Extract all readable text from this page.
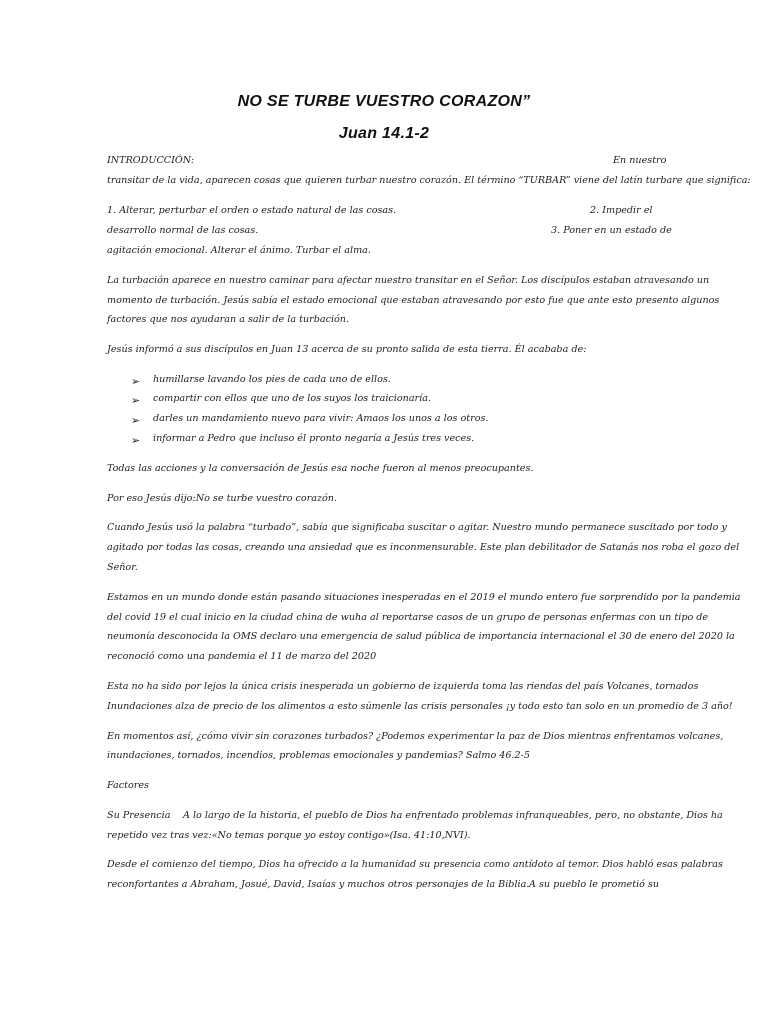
NO SE TURBE VUESTRO CORAZON”
Juan 14.1-2
INTRODUCCIÓN:	En nuestro
transitar de la vida, aparecen cosas que quieren turbar nuestro corazón. El término “TURBAR” viene del latín turbare que significa:
1. Alterar, perturbar el orden o estado natural de las cosas.	2. Impedir el
desarrollo normal de las cosas.	3. Poner en un estado de
agitación emocional. Alterar el ánimo. Turbar el alma.
La turbación aparece en nuestro caminar para afectar nuestro transitar en el Señor. Los discípulos estaban atravesando un
momento de turbación. Jesús sabía el estado emocional que estaban atravesando por esto fue que ante esto presento algunos
factores que nos ayudaran a salir de la turbación.
Jesús informó a sus discípulos en Juan 13 acerca de su pronto salida de esta tierra. Él acababa de:
➢ humillarse lavando los pies de cada uno de ellos.
➢ compartir con ellos que uno de los suyos los traicionaría.
➢ darles un mandamiento nuevo para vivir: Amaos los unos a los otros.
➢ informar a Pedro que incluso él pronto negaría a Jesús tres veces.
Todas las acciones y la conversación de Jesús esa noche fueron al menos preocupantes.
Por eso Jesús dijo:No se turbe vuestro corazón.
Cuando Jesús usó la palabra “turbado”, sabía que significaba suscitar o agitar. Nuestro mundo permanece suscitado por todo y
agitado por todas las cosas, creando una ansiedad que es inconmensurable. Este plan debilitador de Satanás nos roba el gozo del
Señor.
Estamos en un mundo donde están pasando situaciones inesperadas en el 2019 el mundo entero fue sorprendido por la pandemia
del covid 19 el cual inicio en la ciudad china de wuha al reportarse casos de un grupo de personas enfermas con un tipo de
neumonía desconocida la OMS declaro una emergencia de salud pública de importancia internacional el 30 de enero del 2020 la
reconoció como una pandemia el 11 de marzo del 2020
Esta no ha sido por lejos la única crisis inesperada un gobierno de izquierda toma las riendas del país Volcanes, tornados
Inundaciones alza de precio de los alimentos a esto súmenle las crisis personales ¡y todo esto tan solo en un promedio de 3 año!
En momentos así, ¿cómo vivir sin corazones turbados? ¿Podemos experimentar la paz de Dios mientras enfrentamos volcanes,
inundaciones, tornados, incendios, problemas emocionales y pandemias? Salmo 46.2-5
Factores
Su Presencia A lo largo de la historia, el pueblo de Dios ha enfrentado problemas infranqueables, pero, no obstante, Dios ha
repetido vez tras vez:«No temas porque yo estoy contigo»(Isa. 41:10,NVI).
Desde el comienzo del tiempo, Dios ha ofrecido a la humanidad su presencia como antídoto al temor. Dios habló esas palabras
reconfortantes a Abraham, Josué, David, Isaías y muchos otros personajes de la Biblia. A su pueblo le prometió su
